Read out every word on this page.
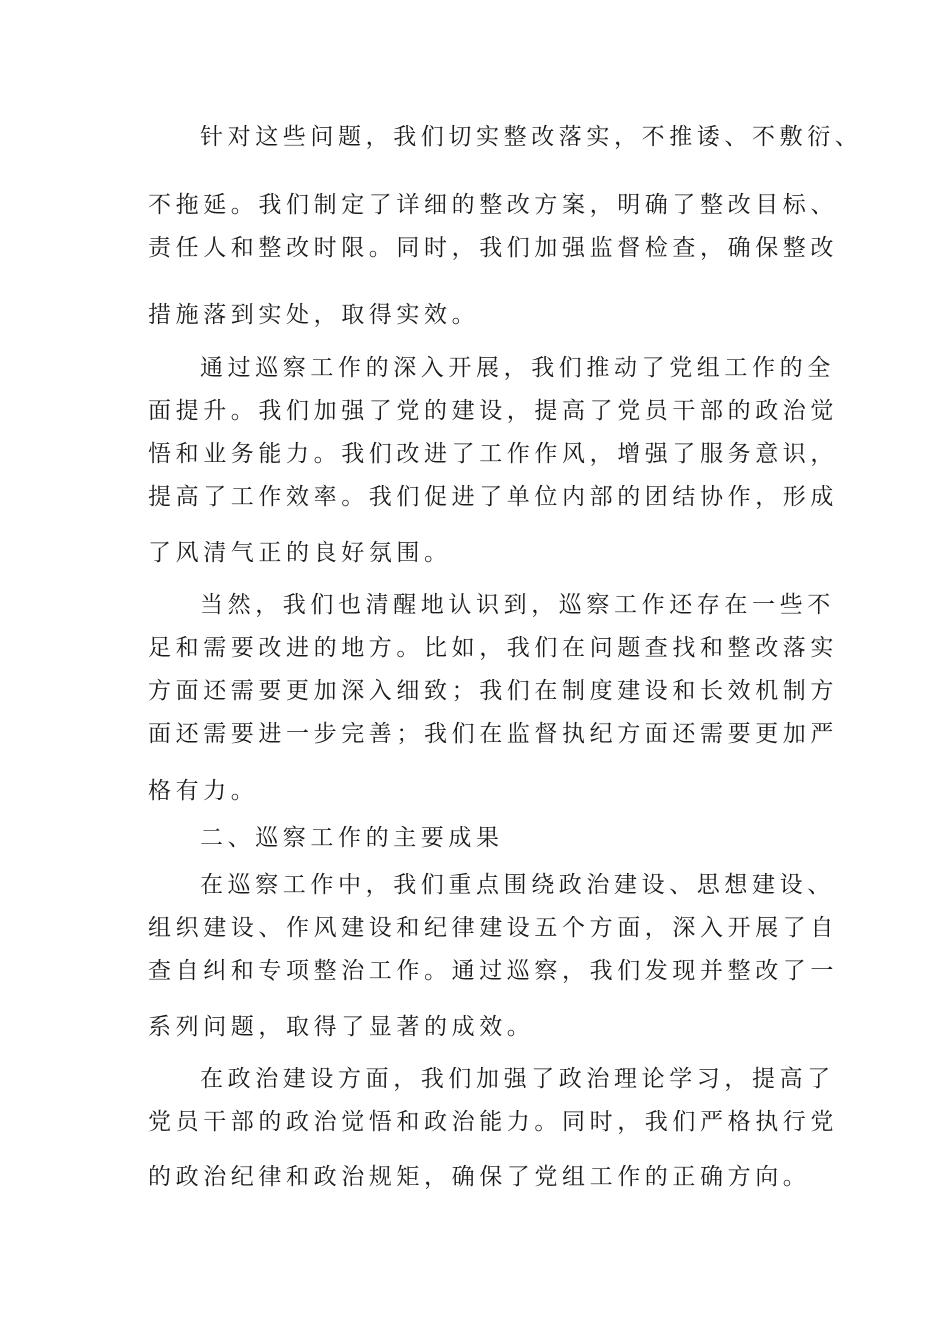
针对这些问题，我们切实整改落实，不推诿、不敷衍、
不拖延。我们制定了详细的整改方案，明确了整改目标、
责任人和整改时限。同时，我们加强监督检查，确保整改
措施落到实处，取得实效。
通过巡察工作的深入开展，我们推动了党组工作的全
面提升。我们加强了党的建设，提高了党员干部的政治觉
悟和业务能力。我们改进了工作作风，增强了服务意识，
提高了工作效率。我们促进了单位内部的团结协作，形成
了风清气正的良好氛围。
当然，我们也清醒地认识到，巡察工作还存在一些不
足和需要改进的地方。比如，我们在问题查找和整改落实
方面还需要更加深入细致；我们在制度建设和长效机制方
面还需要进一步完善；我们在监督执纪方面还需要更加严
格有力。
二、巡察工作的主要成果
在巡察工作中，我们重点围绕政治建设、思想建设、
组织建设、作风建设和纪律建设五个方面，深入开展了自
查自纠和专项整治工作。通过巡察，我们发现并整改了一
系列问题，取得了显著的成效。
在政治建设方面，我们加强了政治理论学习，提高了
党员干部的政治觉悟和政治能力。同时，我们严格执行党
的政治纪律和政治规矩，确保了党组工作的正确方向。
